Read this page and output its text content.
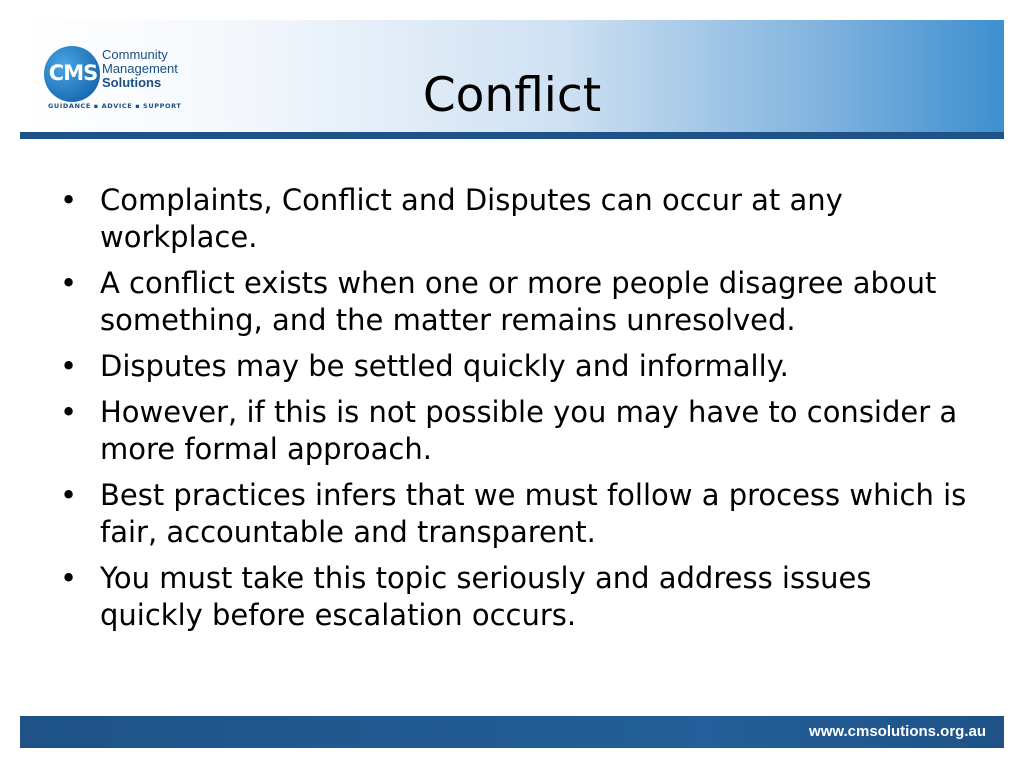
CMS
Community
Management
Solutions
GUIDANCE ▪ ADVICE ▪ SUPPORT	Conflict
• Complaints, Conflict and Disputes can occur at any workplace.
• A conflict exists when one or more people disagree about something, and the matter remains unresolved.
• Disputes may be settled quickly and informally.
• However, if this is not possible you may have to consider a more formal approach.
• Best practices infers that we must follow a process which is fair, accountable and transparent.
• You must take this topic seriously and address issues quickly before escalation occurs.
www.cmsolutions.org.au
